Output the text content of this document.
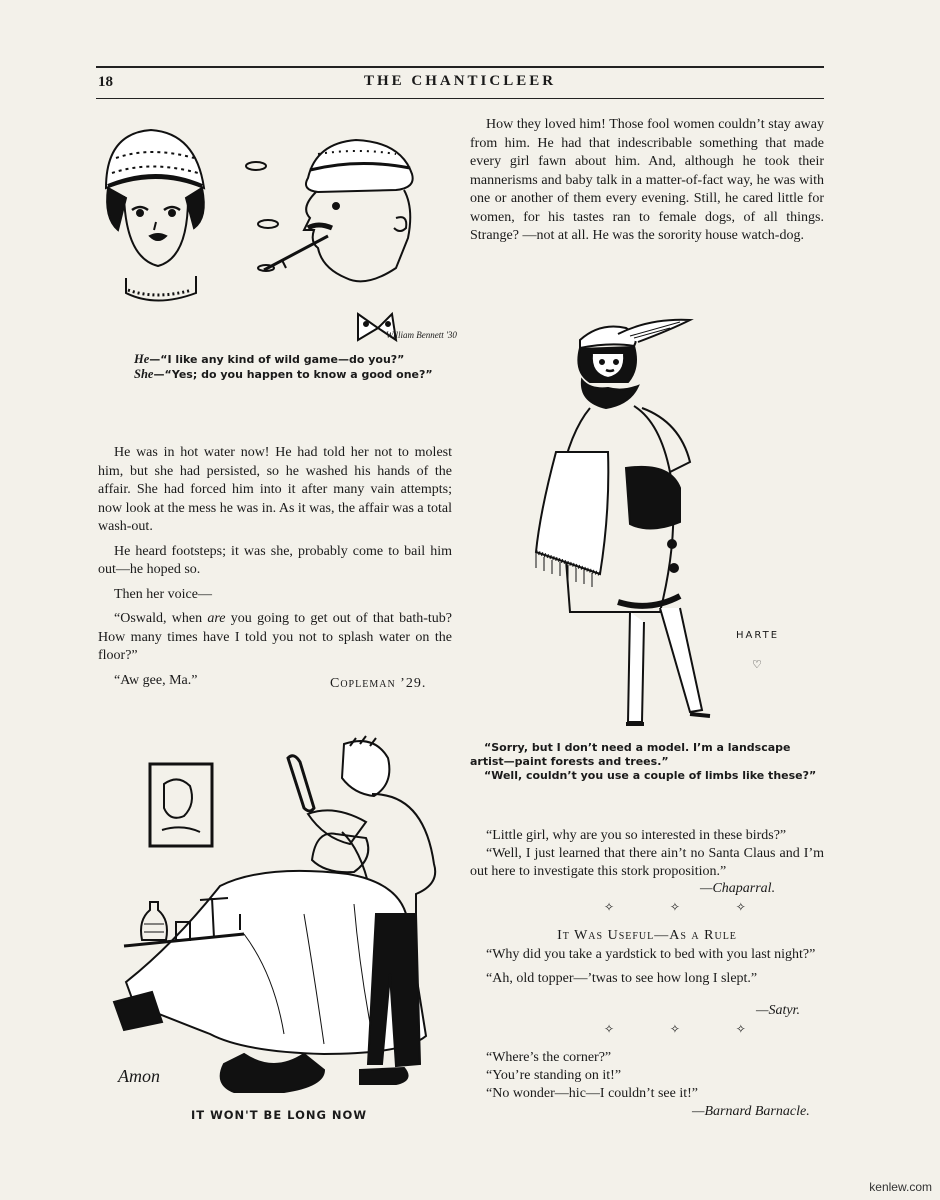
18	THE CHANTICLEER
William Bennett '30
He—“I like any kind of wild game—do you?”
She—“Yes; do you happen to know a good one?”

He was in hot water now! He had told her not to molest him, but she had persisted, so he washed his hands of the affair. She had forced him into it after many vain attempts; now look at the mess he was in. As it was, the affair was a total wash-out.

He heard footsteps; it was she, probably come to bail him out—he hoped so.

Then her voice—

“Oswald, when are you going to get out of that bath-tub? How many times have I told you not to splash water on the floor?”

“Aw gee, Ma.”	Copleman ’29.
Amon
IT WON'T BE LONG NOW

How they loved him! Those fool women couldn’t stay away from him. He had that indescribable something that made every girl fawn about him. And, although he took their mannerisms and baby talk in a matter-of-fact way, he was with one or another of them every evening. Still, he cared little for women, for his tastes ran to female dogs, of all things. Strange? —not at all. He was the sorority house watch-dog.

HARTE
♡
“Sorry, but I don’t need a model. I’m a landscape artist—paint forests and trees.”
“Well, couldn’t you use a couple of limbs like these?”

“Little girl, why are you so interested in these birds?”

“Well, I just learned that there ain’t no Santa Claus and I’m out here to investigate this stork proposition.”

—Chaparral.
✧ ✧ ✧
It Was Useful—As a Rule

“Why did you take a yardstick to bed with you last night?”

“Ah, old topper—’twas to see how long I slept.”

—Satyr.
✧ ✧ ✧

“Where’s the corner?”

“You’re standing on it!”

“No wonder—hic—I couldn’t see it!”

—Barnard Barnacle.
kenlew.com
